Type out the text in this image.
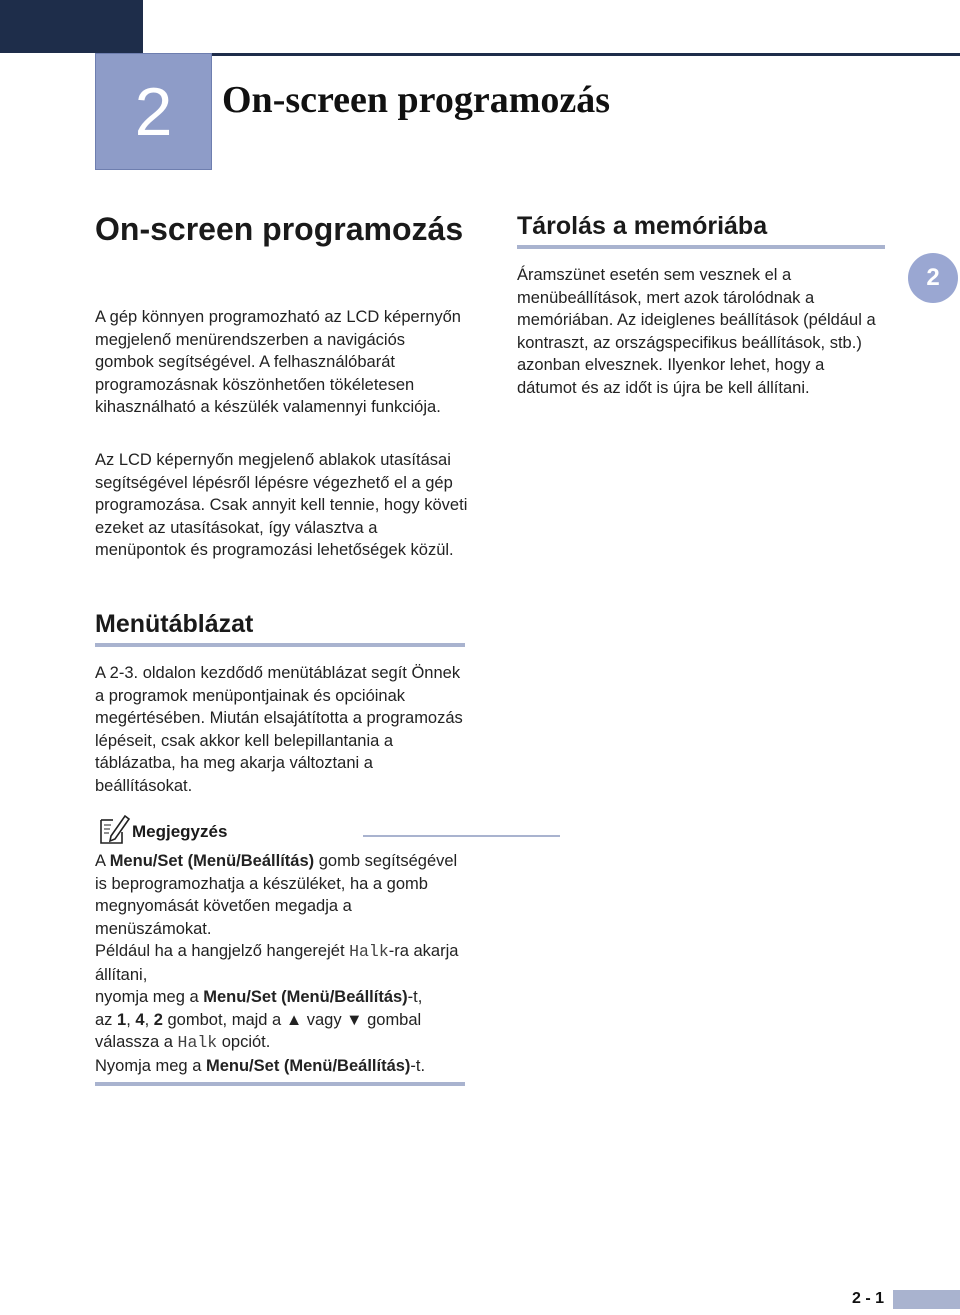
2 On-screen programozás
2
On-screen programozás

A gép könnyen programozható az LCD képernyőn megjelenő menürendszerben a navigációs gombok segítségével. A felhasználóbarát programozásnak köszönhetően tökéletesen kihasználható a készülék valamennyi funkciója.

Az LCD képernyőn megjelenő ablakok utasításai segítségével lépésről lépésre végezhető el a gép programozása. Csak annyit kell tennie, hogy követi ezeket az utasításokat, így választva a menüpontok és programozási lehetőségek közül.

Menütáblázat

A 2-3. oldalon kezdődő menütáblázat segít Önnek a programok menüpontjainak és opcióinak megértésében. Miután elsajátította a programozás lépéseit, csak akkor kell belepillantania a táblázatba, ha meg akarja változtani a beállításokat.

Megjegyzés
A Menu/Set (Menü/Beállítás) gomb segítségével is beprogramozhatja a készüléket, ha a gomb megnyomását követően megadja a menüszámokat.
Például ha a hangjelző hangerejét Halk-ra akarja állítani,
nyomja meg a Menu/Set (Menü/Beállítás)-t,
az 1, 4, 2 gombot, majd a ▲ vagy ▼ gombal válassza a Halk opciót.
Nyomja meg a Menu/Set (Menü/Beállítás)-t.
Tárolás a memóriába

Áramszünet esetén sem vesznek el a menübeállítások, mert azok tárolódnak a memóriában. Az ideiglenes beállítások (például a kontraszt, az országspecifikus beállítások, stb.) azonban elvesznek. Ilyenkor lehet, hogy a dátumot és az időt is újra be kell állítani.

2 - 1
